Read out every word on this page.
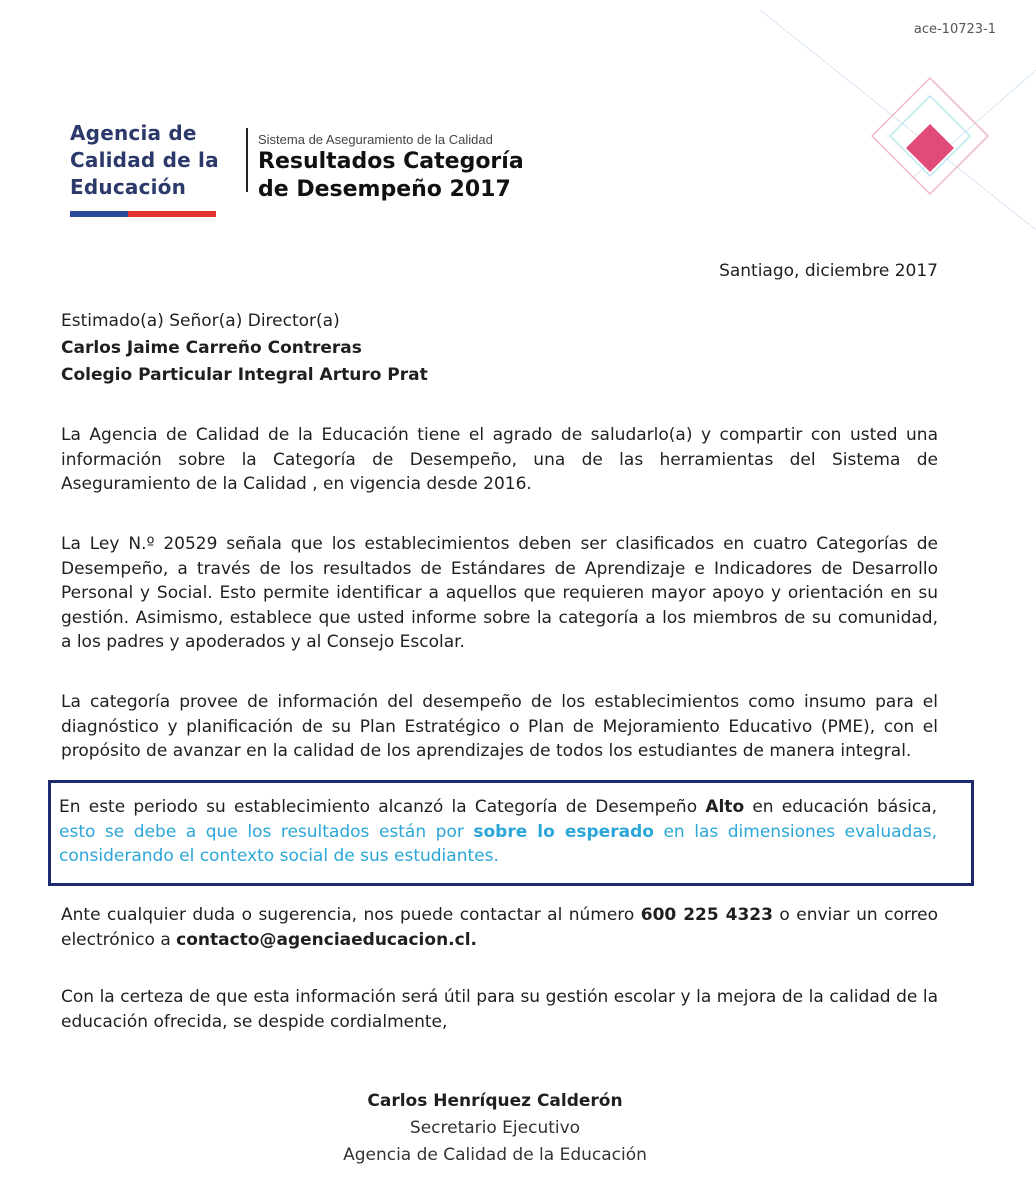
ace-10723-1
Agencia de
Calidad de la
Educación
Sistema de Aseguramiento de la Calidad
Resultados Categoría
de Desempeño 2017
Santiago, diciembre 2017
Estimado(a) Señor(a) Director(a)
Carlos Jaime Carreño Contreras
Colegio Particular Integral Arturo Prat
La Agencia de Calidad de la Educación tiene el agrado de saludarlo(a) y compartir con usted una información sobre la Categoría de Desempeño, una de las herramientas del Sistema de Aseguramiento de la Calidad , en vigencia desde 2016.
La Ley N.º 20529 señala que los establecimientos deben ser clasificados en cuatro Categorías de Desempeño, a través de los resultados de Estándares de Aprendizaje e Indicadores de Desarrollo Personal y Social. Esto permite identificar a aquellos que requieren mayor apoyo y orientación en su gestión. Asimismo, establece que usted informe sobre la categoría a los miembros de su comunidad, a los padres y apoderados y al Consejo Escolar.
La categoría provee de información del desempeño de los establecimientos como insumo para el diagnóstico y planificación de su Plan Estratégico o Plan de Mejoramiento Educativo (PME), con el propósito de avanzar en la calidad de los aprendizajes de todos los estudiantes de manera integral.
En este periodo su establecimiento alcanzó la Categoría de Desempeño Alto en educación básica, esto se debe a que los resultados están por sobre lo esperado en las dimensiones evaluadas, considerando el contexto social de sus estudiantes.
Ante cualquier duda o sugerencia, nos puede contactar al número 600 225 4323 o enviar un correo electrónico a contacto@agenciaeducacion.cl.
Con la certeza de que esta información será útil para su gestión escolar y la mejora de la calidad de la educación ofrecida, se despide cordialmente,
Carlos Henríquez Calderón
Secretario Ejecutivo
Agencia de Calidad de la Educación
